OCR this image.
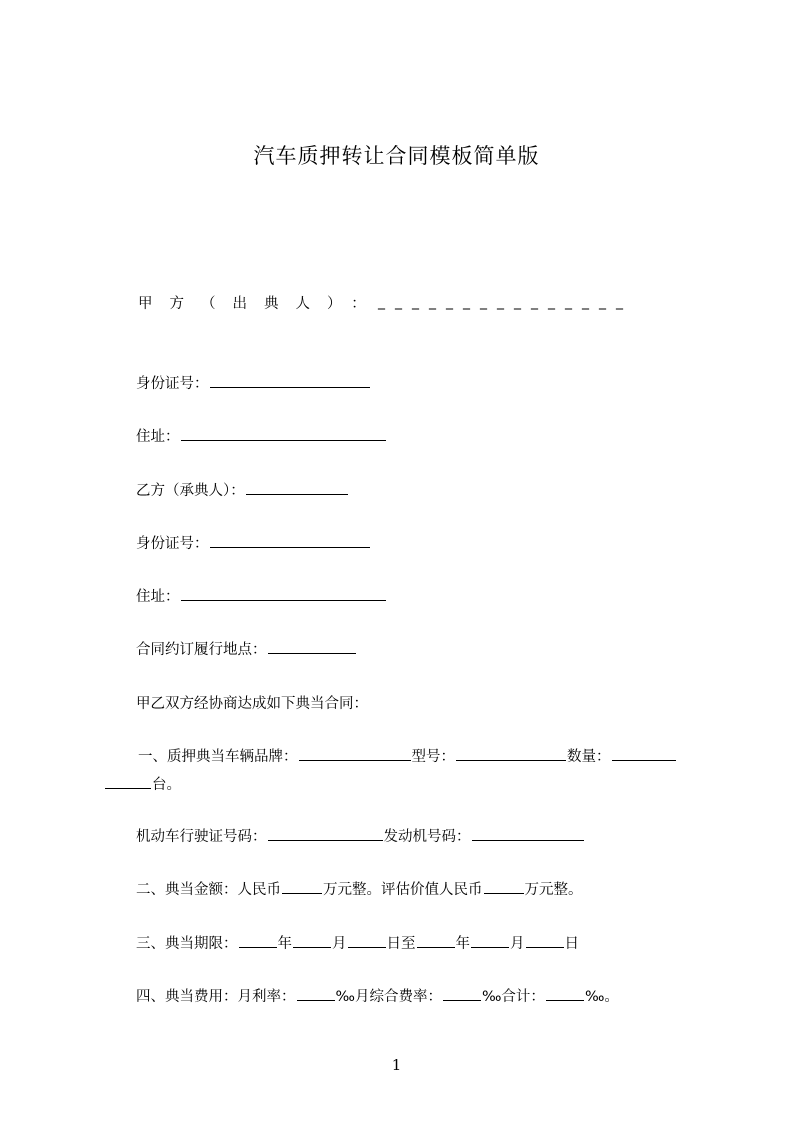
汽车质押转让合同模板简单版
甲方（出典人）：
_______________
身份证号：
住址：
乙方（承典人）：
身份证号：
住址：
合同约订履行地点：
甲乙双方经协商达成如下典当合同：
一、质押典当车辆品牌：	型号：	数量：
台。
机动车行驶证号码：	发动机号码：
二、典当金额：人民币	万元整。评估价值人民币	万元整。
三、典当期限：	年	月	日至	年	月	日
四、典当费用：月利率：	‰月综合费率：	‰合计：	‰。
1
